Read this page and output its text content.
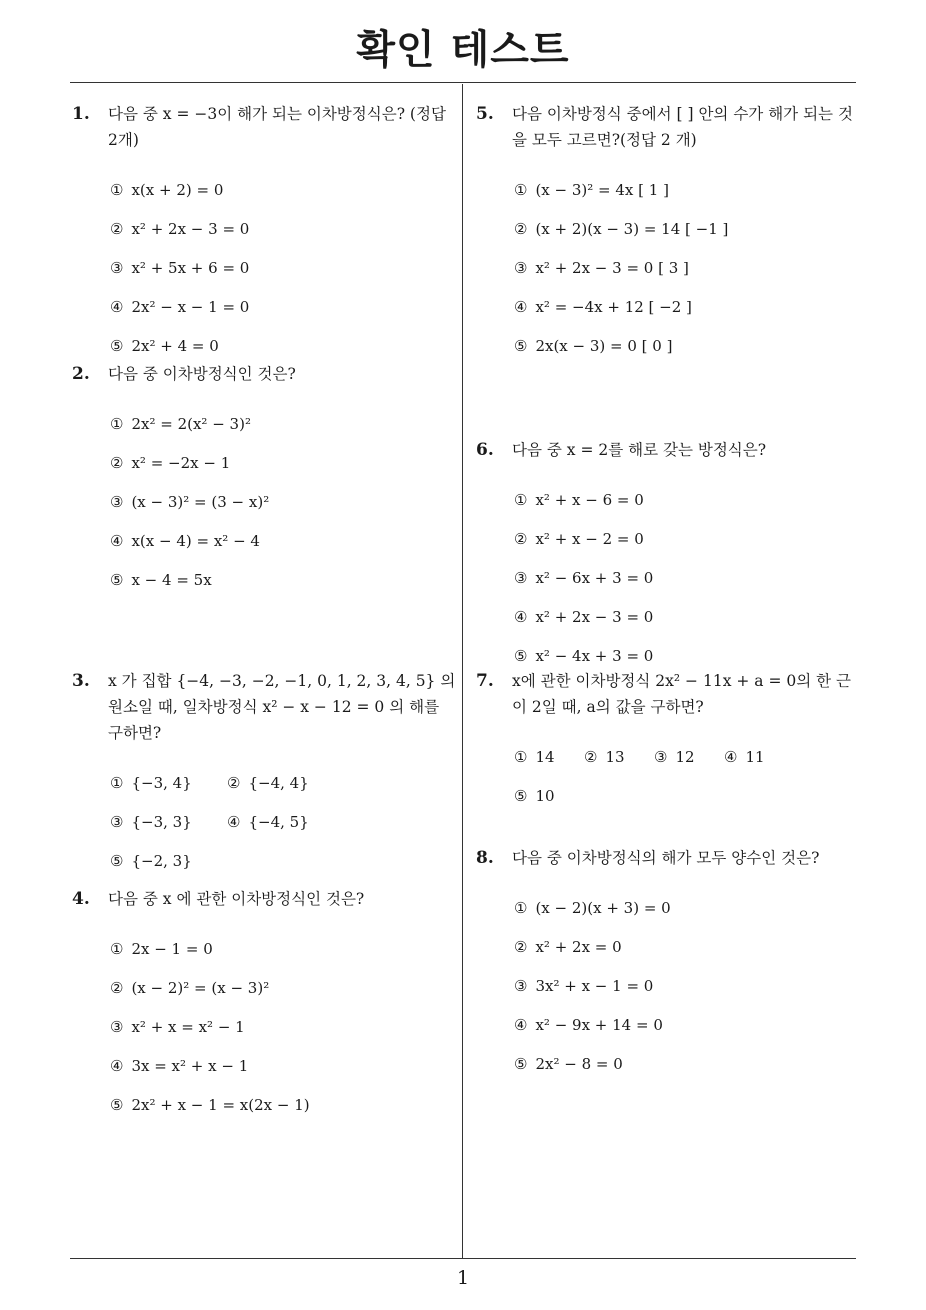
확인 테스트
1. 다음 중 x = −3이 해가 되는 이차방정식은? (정답 2개)
① x(x + 2) = 0
② x² + 2x − 3 = 0
③ x² + 5x + 6 = 0
④ 2x² − x − 1 = 0
⑤ 2x² + 4 = 0
2. 다음 중 이차방정식인 것은?
① 2x² = 2(x² − 3)²
② x² = −2x − 1
③ (x − 3)² = (3 − x)²
④ x(x − 4) = x² − 4
⑤ x − 4 = 5x
3. x 가 집합 {−4, −3, −2, −1, 0, 1, 2, 3, 4, 5} 의 원소일 때, 일차방정식 x² − x − 12 = 0 의 해를 구하면?
① {−3, 4}	② {−4, 4}
③ {−3, 3}	④ {−4, 5}
⑤ {−2, 3}
4. 다음 중 x 에 관한 이차방정식인 것은?
① 2x − 1 = 0
② (x − 2)² = (x − 3)²
③ x² + x = x² − 1
④ 3x = x² + x − 1
⑤ 2x² + x − 1 = x(2x − 1)
5. 다음 이차방정식 중에서 [ ] 안의 수가 해가 되는 것을 모두 고르면?(정답 2 개)
① (x − 3)² = 4x [ 1 ]
② (x + 2)(x − 3) = 14 [ −1 ]
③ x² + 2x − 3 = 0 [ 3 ]
④ x² = −4x + 12 [ −2 ]
⑤ 2x(x − 3) = 0 [ 0 ]
6. 다음 중 x = 2를 해로 갖는 방정식은?
① x² + x − 6 = 0
② x² + x − 2 = 0
③ x² − 6x + 3 = 0
④ x² + 2x − 3 = 0
⑤ x² − 4x + 3 = 0
7. x에 관한 이차방정식 2x² − 11x + a = 0의 한 근이 2일 때, a의 값을 구하면?
① 14	② 13	③ 12	④ 11
⑤ 10
8. 다음 중 이차방정식의 해가 모두 양수인 것은?
① (x − 2)(x + 3) = 0
② x² + 2x = 0
③ 3x² + x − 1 = 0
④ x² − 9x + 14 = 0
⑤ 2x² − 8 = 0
1
